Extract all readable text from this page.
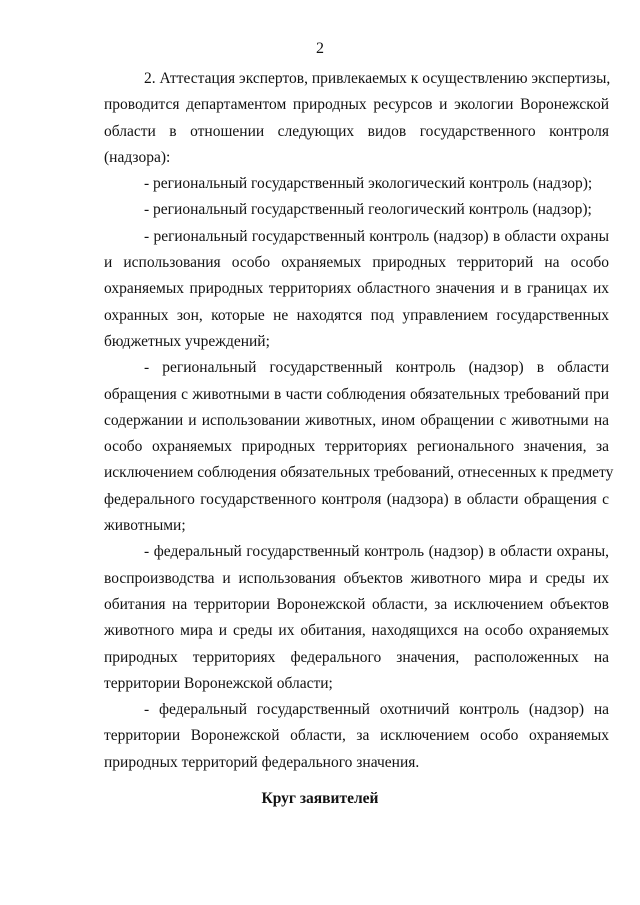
2
2. Аттестация экспертов, привлекаемых к осуществлению экспертизы,
проводится департаментом природных ресурсов и экологии Воронежской
области в отношении следующих видов государственного контроля
(надзора):
- региональный государственный экологический контроль (надзор);
- региональный государственный геологический контроль (надзор);
- региональный государственный контроль (надзор) в области охраны
и использования особо охраняемых природных территорий на особо
охраняемых природных территориях областного значения и в границах их
охранных зон, которые не находятся под управлением государственных
бюджетных учреждений;
- региональный государственный контроль (надзор) в области
обращения с животными в части соблюдения обязательных требований при
содержании и использовании животных, ином обращении с животными на
особо охраняемых природных территориях регионального значения, за
исключением соблюдения обязательных требований, отнесенных к предмету
федерального государственного контроля (надзора) в области обращения с
животными;
- федеральный государственный контроль (надзор) в области охраны,
воспроизводства и использования объектов животного мира и среды их
обитания на территории Воронежской области, за исключением объектов
животного мира и среды их обитания, находящихся на особо охраняемых
природных территориях федерального значения, расположенных на
территории Воронежской области;
- федеральный государственный охотничий контроль (надзор) на
территории Воронежской области, за исключением особо охраняемых
природных территорий федерального значения.
Круг заявителей
